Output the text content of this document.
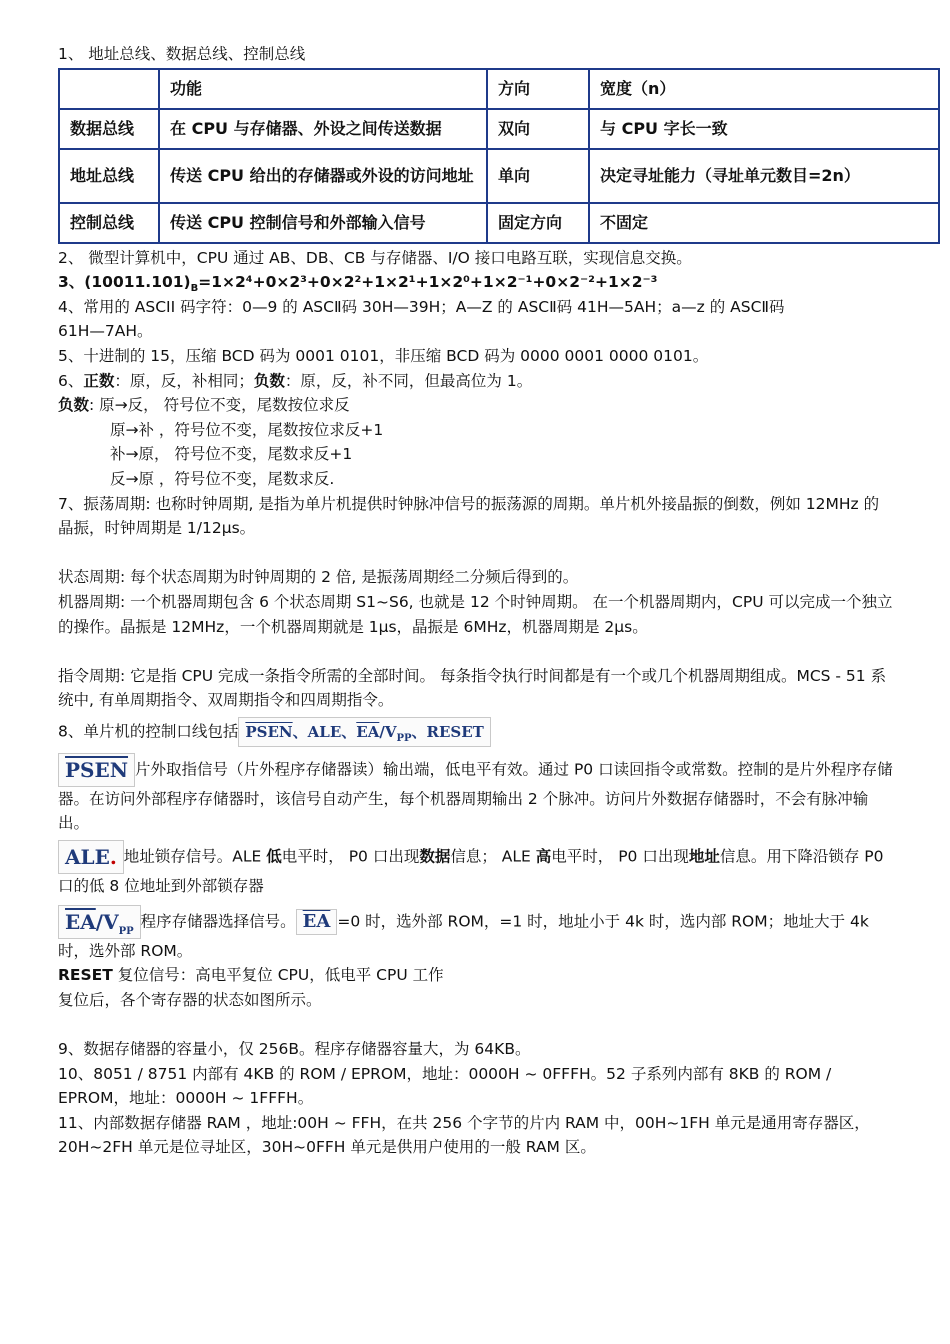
1、 地址总线、数据总线、控制总线
	功能	方向	宽度（n）
数据总线	在 CPU 与存储器、外设之间传送数据	双向	与 CPU 字长一致
地址总线	传送 CPU 给出的存储器或外设的访问地址	单向	决定寻址能力（寻址单元数目=2n）
控制总线	传送 CPU 控制信号和外部输入信号	固定方向	不固定
2、 微型计算机中，CPU 通过 AB、DB、CB 与存储器、I/O 接口电路互联，实现信息交换。
3、$(10011.101)_B=1\times 2^4+0\times 2^3+0\times 2^2+1\times 2^1+1\times 2^0+1\times 2^{-1}+0\times 2^{-2}+1\times 2^{-3}$
4、常用的 ASCII 码字符：0—9 的 ASCⅡ码 30H—39H；A—Z 的 ASCⅡ码 41H—5AH；a—z 的 ASCⅡ码
61H—7AH。
5、十进制的 15，压缩 BCD 码为 0001 0101，非压缩 BCD 码为 0000 0001 0000 0101。
6、正数：原，反，补相同；负数：原，反，补不同，但最高位为 1。
负数: 原→反， 符号位不变，尾数按位求反
原→补 ，符号位不变，尾数按位求反+1
补→原， 符号位不变，尾数求反+1
反→原 ，符号位不变，尾数求反.
7、振荡周期: 也称时钟周期, 是指为单片机提供时钟脉冲信号的振荡源的周期。单片机外接晶振的倒数，例如 12MHz 的晶振，时钟周期是 1/12μs。
状态周期: 每个状态周期为时钟周期的 2 倍, 是振荡周期经二分频后得到的。
机器周期: 一个机器周期包含 6 个状态周期 S1~S6, 也就是 12 个时钟周期。 在一个机器周期内，CPU 可以完成一个独立的操作。晶振是 12MHz，一个机器周期就是 1μs，晶振是 6MHz，机器周期是 2μs。
指令周期: 它是指 CPU 完成一条指令所需的全部时间。 每条指令执行时间都是有一个或几个机器周期组成。MCS - 51 系统中, 有单周期指令、双周期指令和四周期指令。
8、单片机的控制口线包括 PSEN、ALE、$\overline{EA}/V_{PP}$、RESET
PSEN 片外取指信号（片外程序存储器读）输出端，低电平有效。通过 P0 口读回指令或常数。控制的是片外程序存储器。在访问外部程序存储器时，该信号自动产生，每个机器周期输出 2 个脉冲。访问片外数据存储器时，不会有脉冲输出。
ALE. 地址锁存信号。ALE 低电平时， P0 口出现数据信息； ALE 高电平时， P0 口出现地址信息。用下降沿锁存 P0 口的低 8 位地址到外部锁存器
$\overline{EA}/V_{PP}$程序存储器选择信号。 $\overline{EA} =0$ 时，选外部 ROM，=1 时，地址小于 4k 时，选内部 ROM；地址大于 4k 时，选外部 ROM。
RESET 复位信号：高电平复位 CPU，低电平 CPU 工作
复位后，各个寄存器的状态如图所示。
9、数据存储器的容量小，仅 256B。程序存储器容量大，为 64KB。
10、8051 / 8751 内部有 4KB 的 ROM / EPROM，地址：0000H ~ 0FFFH。52 子系列内部有 8KB 的 ROM / EPROM，地址：0000H ~ 1FFFH。
11、内部数据存储器 RAM ，地址:00H ~ FFH，在共 256 个字节的片内 RAM 中，00H~1FH 单元是通用寄存器区，20H~2FH 单元是位寻址区，30H~0FFH 单元是供用户使用的一般 RAM 区。
